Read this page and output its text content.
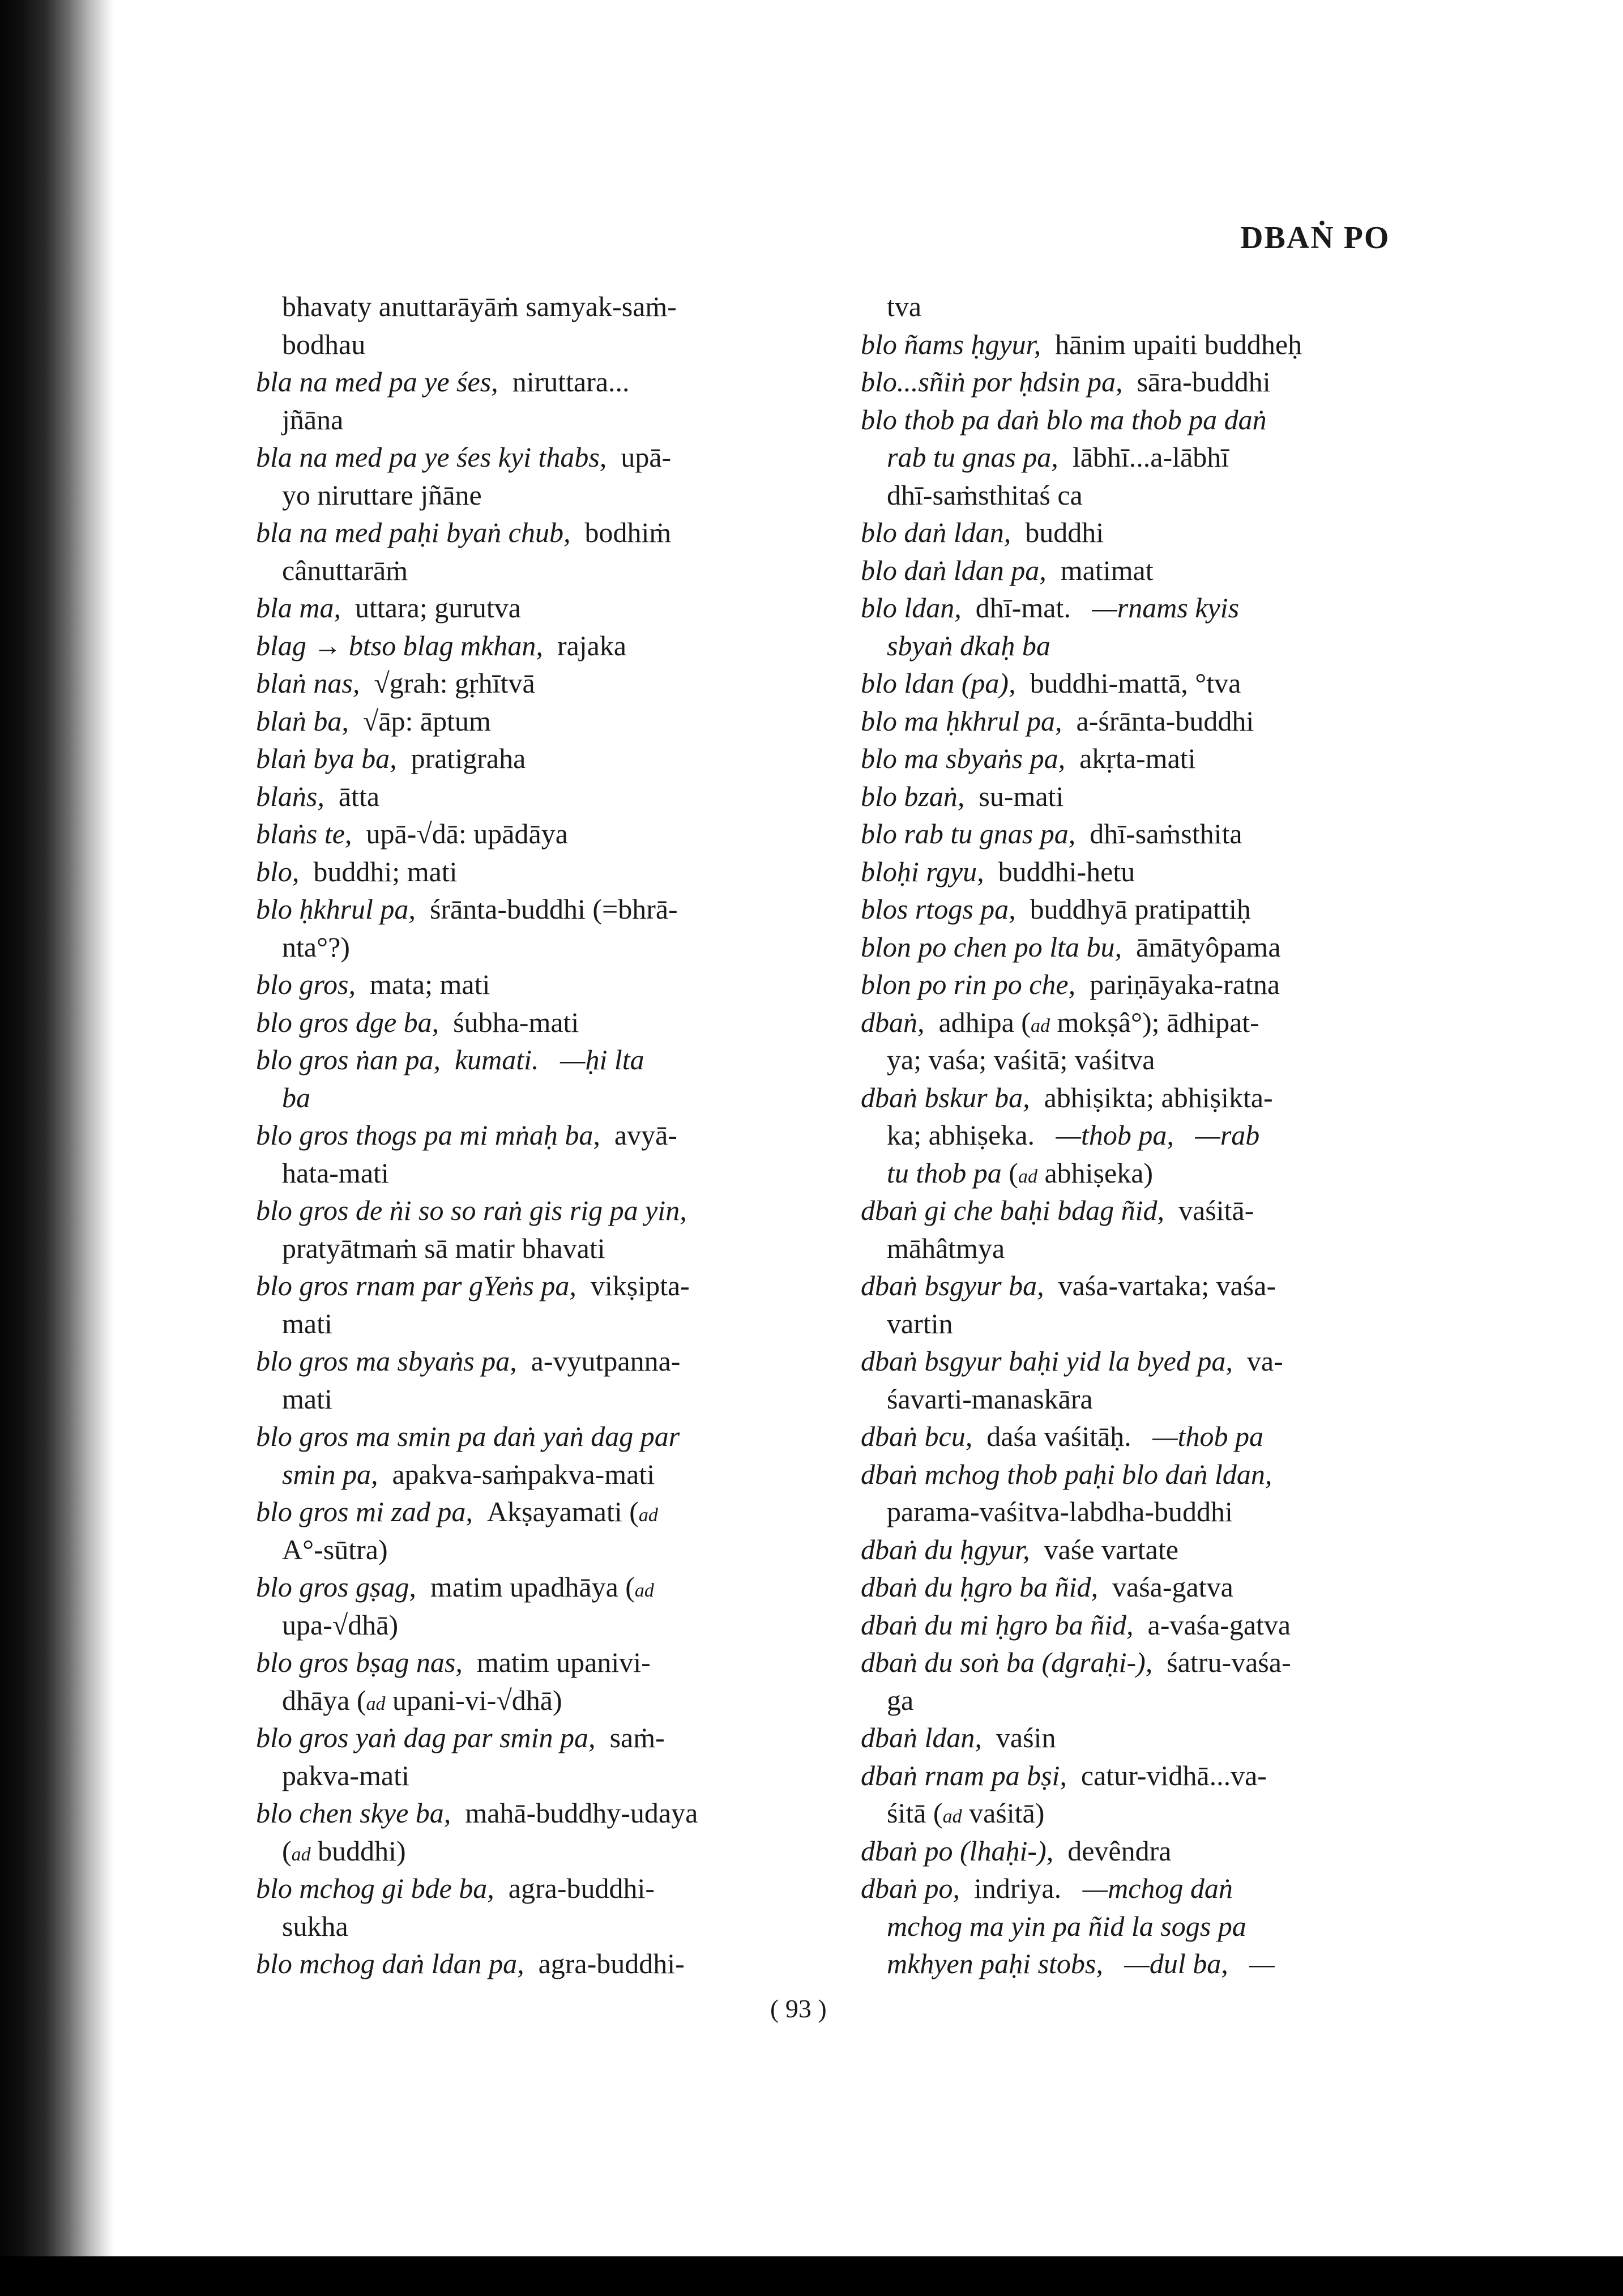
DBAṄ PO
bhavaty anuttarāyāṁ samyak-saṁ-
bodhau
bla na med pa ye śes,  niruttara...
jñāna
bla na med pa ye śes kyi thabs,  upā-
yo niruttare jñāne
bla na med paḥi byaṅ chub,  bodhiṁ
cânuttarāṁ
bla ma,  uttara; gurutva
blag → btso blag mkhan,  rajaka
blaṅ nas,  √grah: gṛhītvā
blaṅ ba,  √āp: āptum
blaṅ bya ba,  pratigraha
blaṅs,  ātta
blaṅs te,  upā-√dā: upādāya
blo,  buddhi; mati
blo ḥkhrul pa,  śrānta-buddhi (=bhrā-
nta°?)
blo gros,  mata; mati
blo gros dge ba,  śubha-mati
blo gros ṅan pa,  kumati.   —ḥi lta
ba
blo gros thogs pa mi mṅaḥ ba,  avyā-
hata-mati
blo gros de ṅi so so raṅ gis rig pa yin,
pratyātmaṁ sā matir bhavati
blo gros rnam par gYeṅs pa,  vikṣipta-
mati
blo gros ma sbyaṅs pa,  a-vyutpanna-
mati
blo gros ma smin pa daṅ yaṅ dag par
smin pa,  apakva-saṁpakva-mati
blo gros mi zad pa,  Akṣayamati (ad
A°-sūtra)
blo gros gṣag,  matim upadhāya (ad
upa-√dhā)
blo gros bṣag nas,  matim upanivi-
dhāya (ad upani-vi-√dhā)
blo gros yaṅ dag par smin pa,  saṁ-
pakva-mati
blo chen skye ba,  mahā-buddhy-udaya
(ad buddhi)
blo mchog gi bde ba,  agra-buddhi-
sukha
blo mchog daṅ ldan pa,  agra-buddhi-
tva
blo ñams ḥgyur,  hānim upaiti buddheḥ
blo...sñiṅ por ḥdsin pa,  sāra-buddhi
blo thob pa daṅ blo ma thob pa daṅ
rab tu gnas pa,  lābhī...a-lābhī
dhī-saṁsthitaś ca
blo daṅ ldan,  buddhi
blo daṅ ldan pa,  matimat
blo ldan,  dhī-mat.   —rnams kyis
sbyaṅ dkaḥ ba
blo ldan (pa),  buddhi-mattā, °tva
blo ma ḥkhrul pa,  a-śrānta-buddhi
blo ma sbyaṅs pa,  akṛta-mati
blo bzaṅ,  su-mati
blo rab tu gnas pa,  dhī-saṁsthita
bloḥi rgyu,  buddhi-hetu
blos rtogs pa,  buddhyā pratipattiḥ
blon po chen po lta bu,  āmātyôpama
blon po rin po che,  pariṇāyaka-ratna
dbaṅ,  adhipa (ad mokṣâ°); ādhipat-
ya; vaśa; vaśitā; vaśitva
dbaṅ bskur ba,  abhiṣikta; abhiṣikta-
ka; abhiṣeka.   —thob pa,   —rab
tu thob pa (ad abhiṣeka)
dbaṅ gi che baḥi bdag ñid,  vaśitā-
māhâtmya
dbaṅ bsgyur ba,  vaśa-vartaka; vaśa-
vartin
dbaṅ bsgyur baḥi yid la byed pa,  va-
śavarti-manaskāra
dbaṅ bcu,  daśa vaśitāḥ.   —thob pa
dbaṅ mchog thob paḥi blo daṅ ldan,
parama-vaśitva-labdha-buddhi
dbaṅ du ḥgyur,  vaśe vartate
dbaṅ du ḥgro ba ñid,  vaśa-gatva
dbaṅ du mi ḥgro ba ñid,  a-vaśa-gatva
dbaṅ du soṅ ba (dgraḥi-),  śatru-vaśa-
ga
dbaṅ ldan,  vaśin
dbaṅ rnam pa bṣi,  catur-vidhā...va-
śitā (ad vaśitā)
dbaṅ po (lhaḥi-),  devêndra
dbaṅ po,  indriya.   —mchog daṅ
mchog ma yin pa ñid la sogs pa
mkhyen paḥi stobs,   —dul ba,   —
( 93 )
